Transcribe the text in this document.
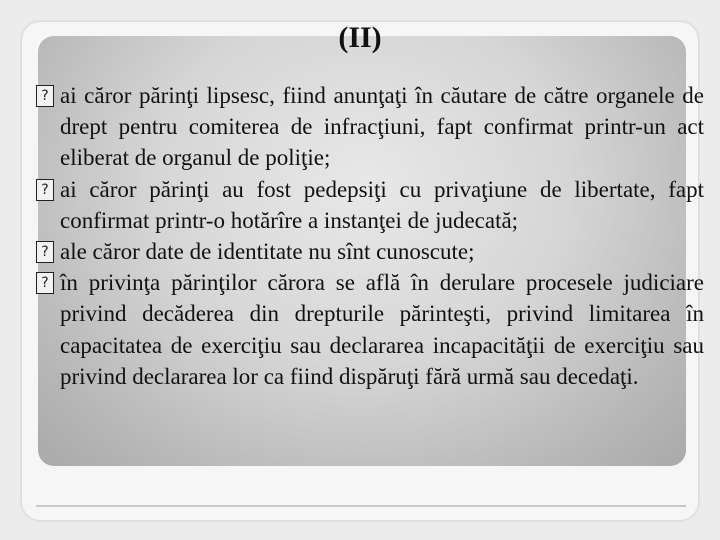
(II)
? ai căror părinţi lipsesc, fiind anunţaţi în căutare de către organele de drept pentru comiterea de infracţiuni, fapt confirmat printr-un act eliberat de organul de poliţie;
? ai căror părinţi au fost pedepsiţi cu privaţiune de libertate, fapt confirmat printr-o hotărîre a instanţei de judecată;
? ale căror date de identitate nu sînt cunoscute;
? în privinţa părinţilor cărora se află în derulare procesele judiciare privind decăderea din drepturile părinteşti, privind limitarea în capacitatea de exerciţiu sau declararea incapacităţii de exerciţiu sau privind declararea lor ca fiind dispăruţi fără urmă sau decedaţi.
